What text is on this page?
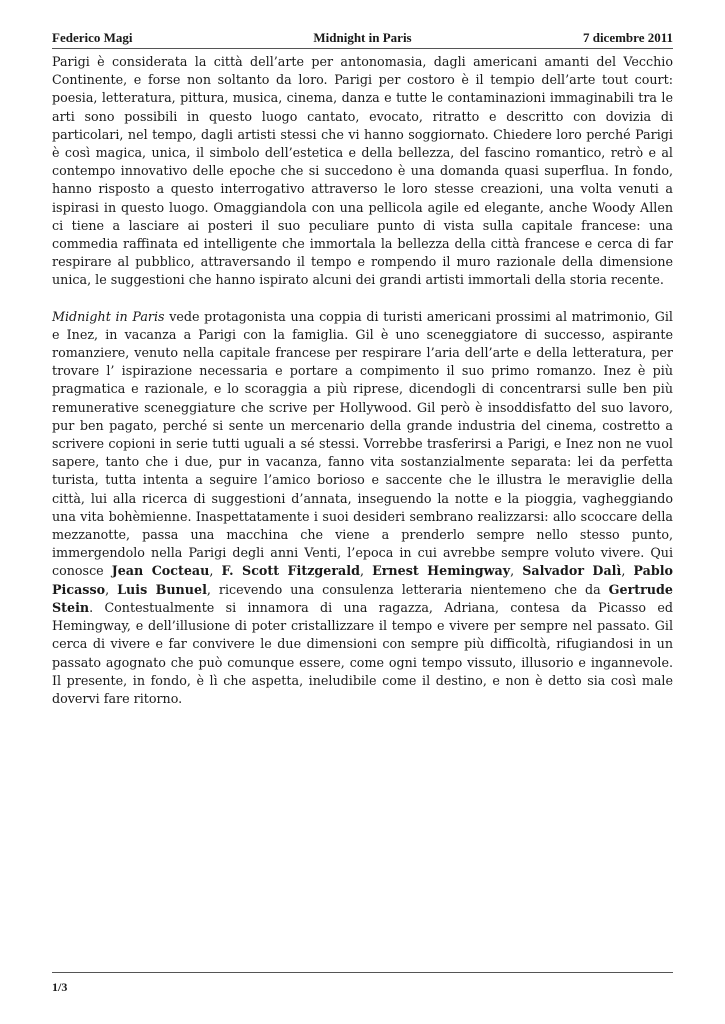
Federico Magi	Midnight in Paris	7 dicembre 2011

Parigi è considerata la città dell’arte per antonomasia, dagli americani amanti del Vecchio Continente, e forse non soltanto da loro. Parigi per costoro è il tempio dell’arte tout court: poesia, letteratura, pittura, musica, cinema, danza e tutte le contaminazioni immaginabili tra le arti sono possibili in questo luogo cantato, evocato, ritratto e descritto con dovizia di particolari, nel tempo, dagli artisti stessi che vi hanno soggiornato. Chiedere loro perché Parigi è così magica, unica, il simbolo dell’estetica e della bellezza, del fascino romantico, retrò e al contempo innovativo delle epoche che si succedono è una domanda quasi superflua. In fondo, hanno risposto a questo interrogativo attraverso le loro stesse creazioni, una volta venuti a ispirasi in questo luogo. Omaggiandola con una pellicola agile ed elegante, anche Woody Allen ci tiene a lasciare ai posteri il suo peculiare punto di vista sulla capitale francese: una commedia raffinata ed intelligente che immortala la bellezza della città francese e cerca di far respirare al pubblico, attraversando il tempo e rompendo il muro razionale della dimensione unica, le suggestioni che hanno ispirato alcuni dei grandi artisti immortali della storia recente.

Midnight in Paris vede protagonista una coppia di turisti americani prossimi al matrimonio, Gil e Inez, in vacanza a Parigi con la famiglia. Gil è uno sceneggiatore di successo, aspirante romanziere, venuto nella capitale francese per respirare l’aria dell’arte e della letteratura, per trovare l’ ispirazione necessaria e portare a compimento il suo primo romanzo. Inez è più pragmatica e razionale, e lo scoraggia a più riprese, dicendogli di concentrarsi sulle ben più remunerative sceneggiature che scrive per Hollywood. Gil però è insoddisfatto del suo lavoro, pur ben pagato, perché si sente un mercenario della grande industria del cinema, costretto a scrivere copioni in serie tutti uguali a sé stessi. Vorrebbe trasferirsi a Parigi, e Inez non ne vuol sapere, tanto che i due, pur in vacanza, fanno vita sostanzialmente separata: lei da perfetta turista, tutta intenta a seguire l’amico borioso e saccente che le illustra le meraviglie della città, lui alla ricerca di suggestioni d’annata, inseguendo la notte e la pioggia, vagheggiando una vita bohèmienne. Inaspettatamente i suoi desideri sembrano realizzarsi: allo scoccare della mezzanotte, passa una macchina che viene a prenderlo sempre nello stesso punto, immergendolo nella Parigi degli anni Venti, l’epoca in cui avrebbe sempre voluto vivere. Qui conosce Jean Cocteau, F. Scott Fitzgerald, Ernest Hemingway, Salvador Dalì, Pablo Picasso, Luis Bunuel, ricevendo una consulenza letteraria nientemeno che da Gertrude Stein. Contestualmente si innamora di una ragazza, Adriana, contesa da Picasso ed Hemingway, e dell’illusione di poter cristallizzare il tempo e vivere per sempre nel passato. Gil cerca di vivere e far convivere le due dimensioni con sempre più difficoltà, rifugiandosi in un passato agognato che può comunque essere, come ogni tempo vissuto, illusorio e ingannevole. Il presente, in fondo, è lì che aspetta, ineludibile come il destino, e non è detto sia così male dovervi fare ritorno.

1/3
